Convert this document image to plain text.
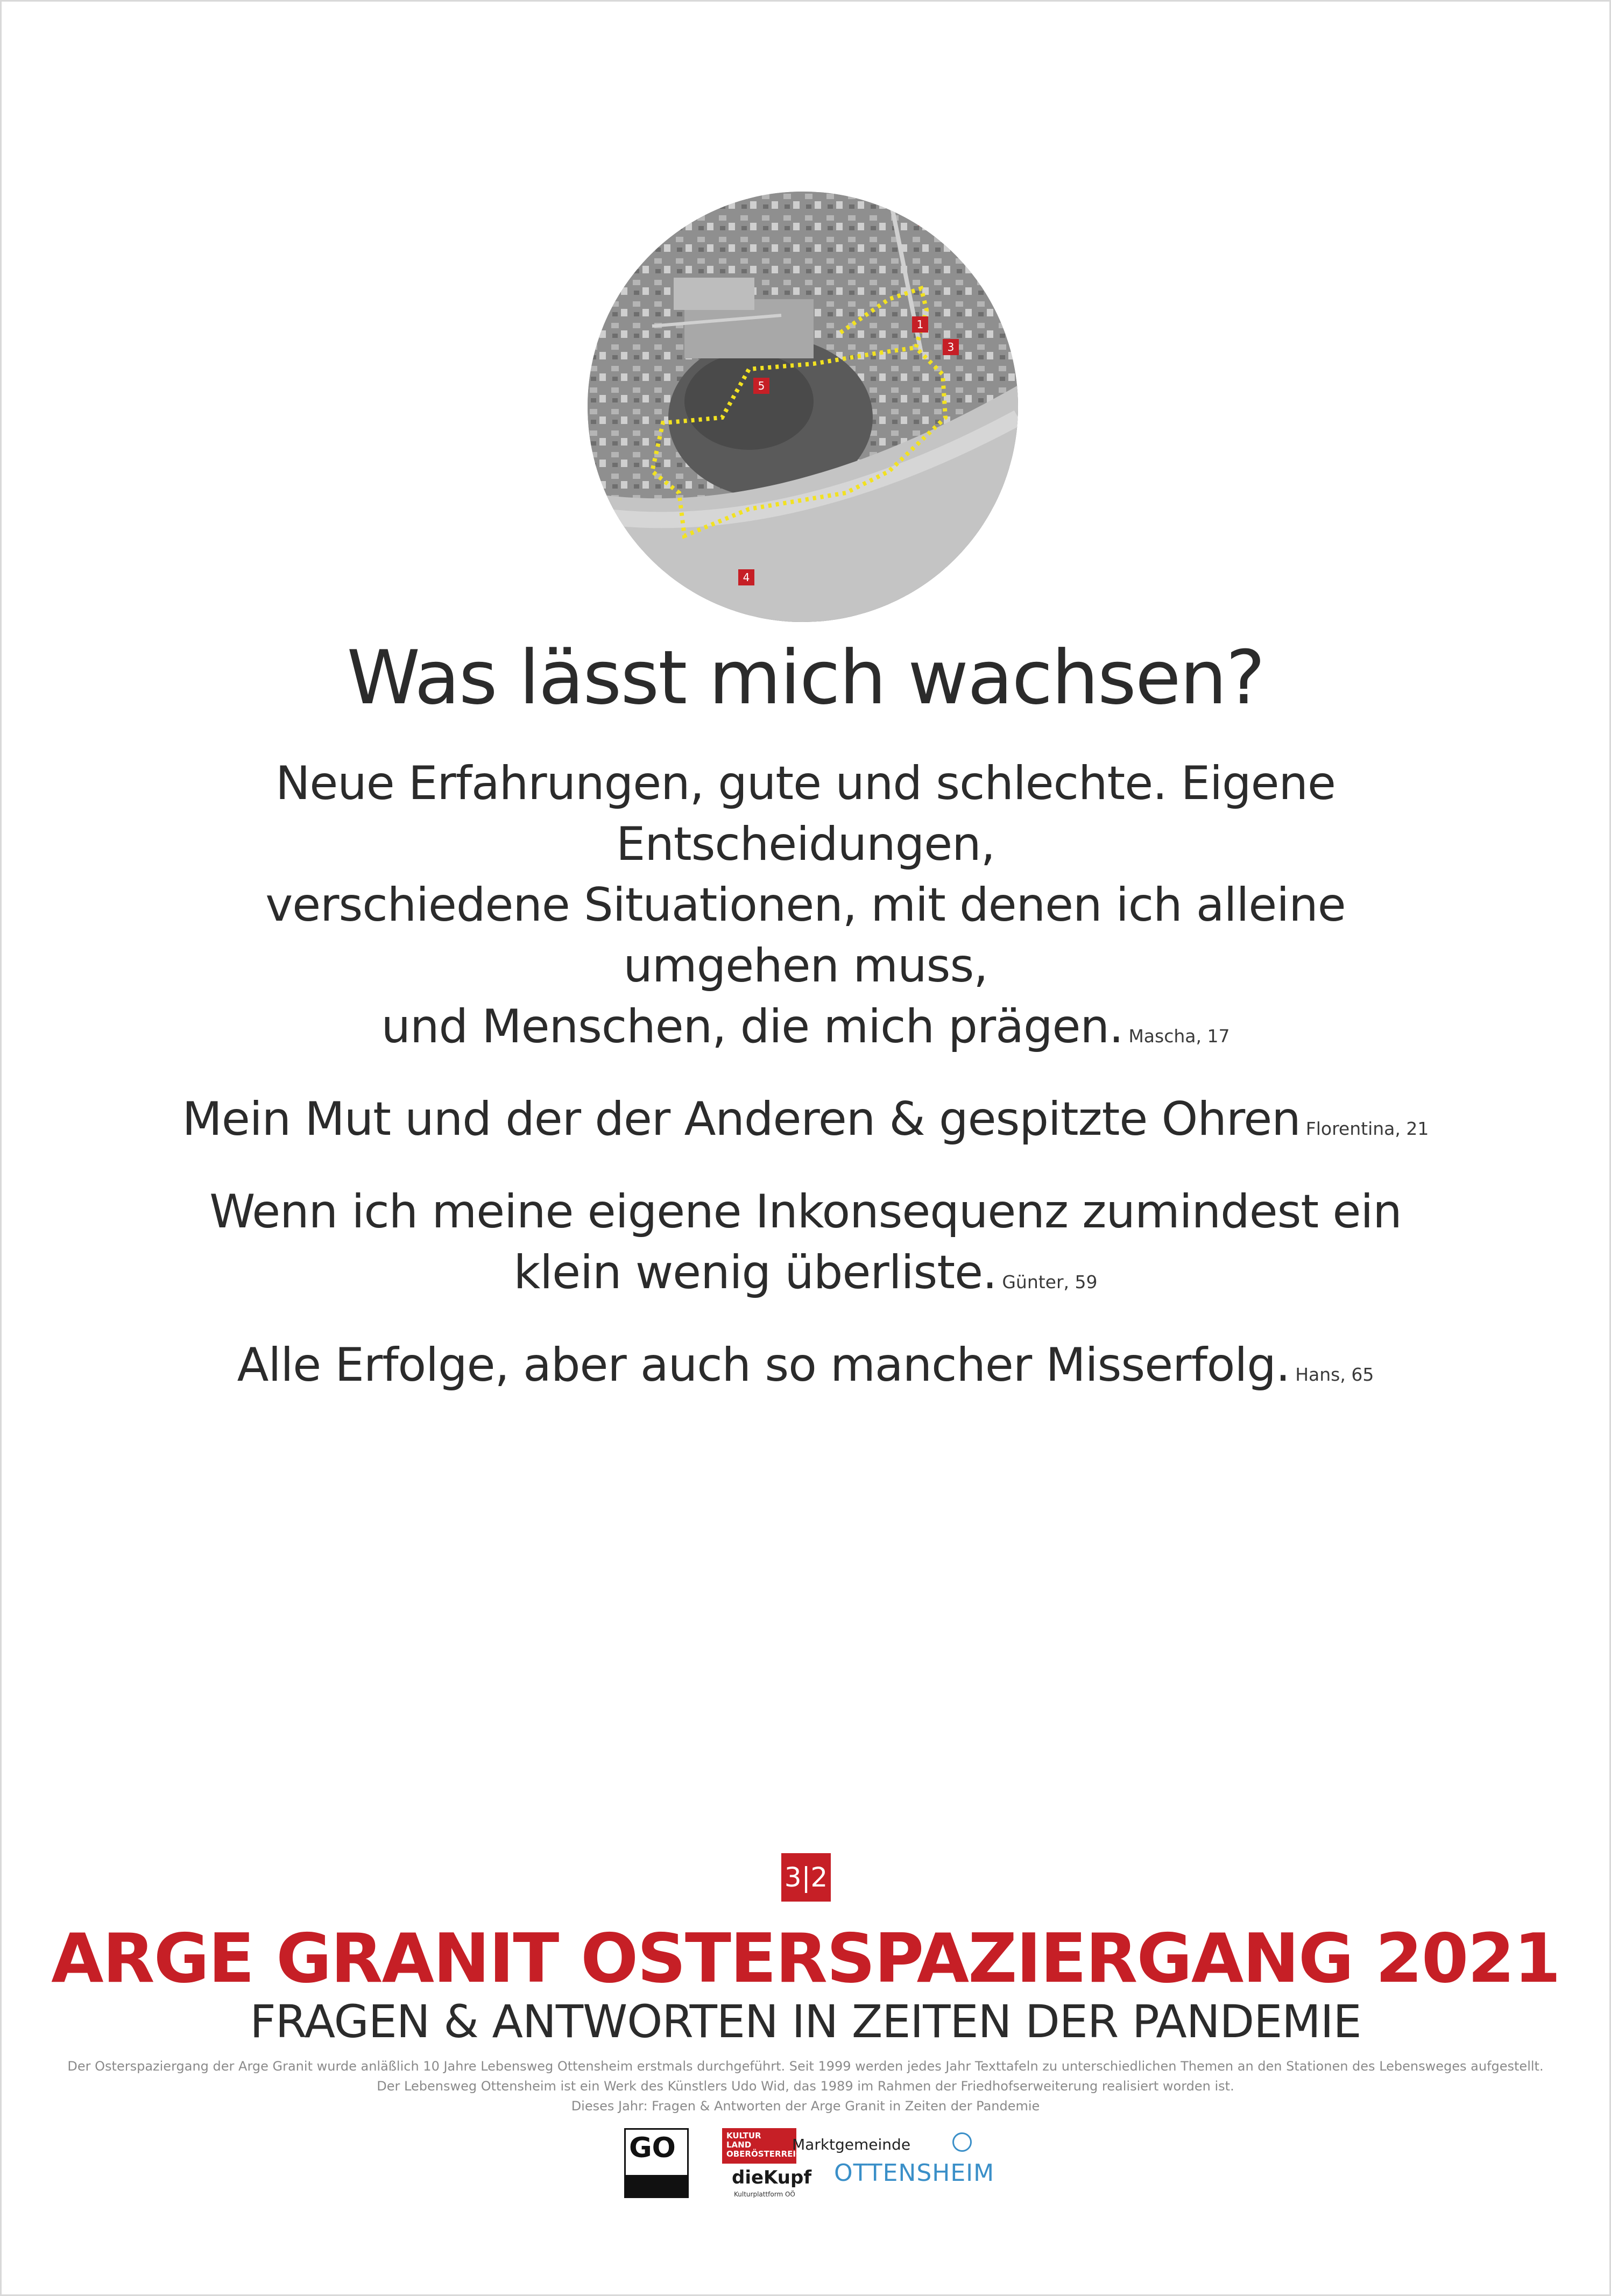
1
2
3
4
5
Was lässt mich wachsen?
Neue Erfahrungen, gute und schlechte. Eigene Entscheidungen,
verschiedene Situationen, mit denen ich alleine umgehen muss,
und Menschen, die mich prägen. Mascha, 17
Mein Mut und der der Anderen & gespitzte Ohren Florentina, 21
Wenn ich meine eigene Inkonsequenz zumindest ein
klein wenig überliste. Günter, 59
Alle Erfolge, aber auch so mancher Misserfolg. Hans, 65
3|2
ARGE GRANIT OSTERSPAZIERGANG 2021
FRAGEN & ANTWORTEN IN ZEITEN DER PANDEMIE
Der Osterspaziergang der Arge Granit wurde anläßlich 10 Jahre Lebensweg Ottensheim erstmals durchgeführt. Seit 1999 werden jedes Jahr Texttafeln zu unterschiedlichen Themen an den Stationen des Lebensweges aufgestellt.
Der Lebensweg Ottensheim ist ein Werk des Künstlers Udo Wid, das 1989 im Rahmen der Friedhofserweiterung realisiert worden ist.
Dieses Jahr: Fragen & Antworten der Arge Granit in Zeiten der Pandemie
GO	KULTUR
LAND
OBERÖSTERREICH
dieKupf
Kulturplattform OÖ
Marktgemeinde
OTTENSHEIM
